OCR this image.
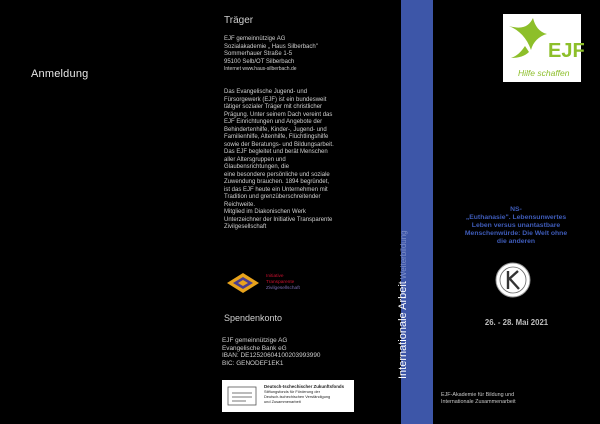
Anmeldung
Träger
EJF gemeinnützige AG
Sozialakademie „ Haus Silberbach"
Sommerhauer Straße 1-5
95100 Selb/OT Silberbach
Internet www.haus-silberbach.de
Das Evangelische Jugend- und
Fürsorgewerk (EJF) ist ein bundesweit
tätiger sozialer Träger mit christlicher
Prägung. Unter seinem Dach vereint das
EJF Einrichtungen und Angebote der
Behindertenhilfe, Kinder-, Jugend- und
Familienhilfe, Altenhilfe, Flüchtlingshilfe
sowie der Beratungs- und Bildungsarbeit.
Das EJF begleitet und berät Menschen
aller Altersgruppen und
Glaubensrichtungen, die
eine besondere persönliche und soziale
Zuwendung brauchen. 1894 begründet,
ist das EJF heute ein Unternehmen mit
Tradition und grenzüberschreitender
Reichweite.
Mitglied im Diakonischen Werk
Unterzeichner der Initiative Transparente
Zivilgesellschaft
Initiative
Transparente
Zivilgesellschaft
Spendenkonto
EJF gemeinnützige AG
Evangelische Bank eG
IBAN: DE12520604100203993990
BIC: GENODEF1EK1
Deutsch-tschechischer Zukunftsfonds
Stiftungsfonds für Förderung der
Deutsch-tschechischen Verständigung
und Zusammenarbeit
Internationale ArbeitWeiterbildung
EJF
Hilfe schaffen
NS-
„Euthanasie". Lebensunwertes
Leben versus unantastbare
Menschenwürde: Die Welt ohne
die anderen
26. - 28. Mai 2021
EJF-Akademie für Bildung und
Internationale Zusammenarbeit
